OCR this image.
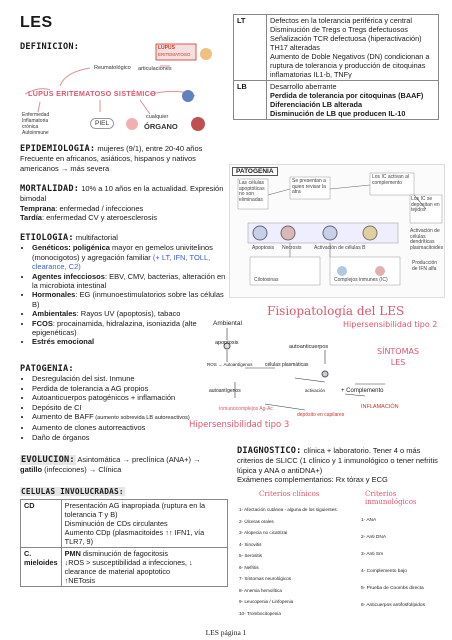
LES
DEFINICION:
Reumatológico articulaciones
LUPUS
ERITEMATOSO
LUPUS ERITEMATOSO SISTÉMICO
Enfermedad
Inflamatoria
crónica
Autoinmune
PIEL
cualquier
ÓRGANO
EPIDEMIOLOGIA: mujeres (9/1), entre 20-40 años Frecuente en africanos, asiáticos, hispanos y nativos americanos → más severa
MORTALIDAD: 10% a 10 años en la actualidad. Expresión bimodal
Temprana: enfermedad / infecciones
Tardía: enfermedad CV y ateroesclerosis
ETIOLOGIA: multifactorial
• Genéticos: poligénica mayor en gemelos univitelinos (monocigotos) y agregación familiar (+ LT, IFN, TOLL, clearance, C2)
• Agentes infecciosos: EBV, CMV, bacterias, alteración en la microbiota intestinal
• Hormonales: EG (inmunoestimulatorios sobre las células B)
• Ambientales: Rayos UV (apoptosis), tabaco
• FCOS: procainamida, hidralazina, isoniazida (alte epigenéticas)
• Estrés emocional
PATOGENIA:
• Desregulación del sist. Inmune
• Perdida de tolerancia a AG propios
• Autoanticuerpos patogénicos + inflamación
• Depósito de CI
• Aumento de BAFF (aumento sobrevida LB autoreactivos)
• Aumento de clones autorreactivos
• Daño de órganos
EVOLUCION: Asintomática → preclínica (ANA+) → gatillo (infecciones) → Clínica
CELULAS INVOLUCRADAS:
CD	Presentación AG inapropiada (ruptura en la tolerancia T y B)
Disminución de CDs circulantes
Aumento CDp (plasmacitoides ↑↑ IFN1, vía TLR7, 9)

C. mieloides	PMN disminución de fagocitosis
↓ROS > susceptibilidad a infecciones, ↓ clearance de material apoptotico
↑NETosis
LT	Defectos en la tolerancia periférica y central
Disminución de Tregs o Tregs defectuosos
Señalización TCR defectuosa (hiperactivación)
TH17 alteradas
Aumento de Doble Negativos (DN) condicionan a ruptura de tolerancia y producción de citoquinas inflamatorias IL1-b, TNFγ

LB	Desarrollo aberrante
Perdida de tolerancia por citoquinas (BAAF)
Diferenciación LB alterada
Disminución de LB que producen IL-10
PATOGENIA
Las células apoptóticas no son eliminadas
Se presentan a quien revisar la atra
Los IC activan al complemento
Los IC se depositan en tejidos
Apoptosis Necrosis	Activación de células B
Activación de células dendríticas plasmacitoides
Producción de IFN alfa
Cilotoxinas	Complejos inmunes (IC)
Fisiopatología del LES
Hipersensibilidad tipo 2
Hipersensibilidad tipo 3
SÍNTOMAS
LES
Ambiental
apoptosis
autoanticuerpos
ROS → Autoantígenos células plasmáticas
activación
autoantígenos	+ Complemento
INFLAMACIÓN
depósito en capilares
Inmunocomplejos Ag-Ac
DIAGNOSTICO: clínica + laboratorio. Tener 4 o más criterios de SLICC (1 clínico y 1 inmunológico o tener nefritis lúpica y ANA o antiDNA+)
Exámenes complementarios: Rx tórax y ECG
Criterios clínicos	Criterios inmunológicos
1- Afectación cutánea - alguna de los siguientes:
2- Úlceras orales
3- Alopecia no cicatrizal
4- Sinovitis
5- Serositis
6- Nefritis
7- Síntomas neurológicos
8- Anemia hemolítica
9- Leucopenia / Linfopenia
10- Trombocitopenia
1- ANA
2- Anti DNA
3- Anti Sm
4- Complemento bajo
5- Prueba de Coombs directa
6- Anticuerpos antifosfolípidos
LES página 1
